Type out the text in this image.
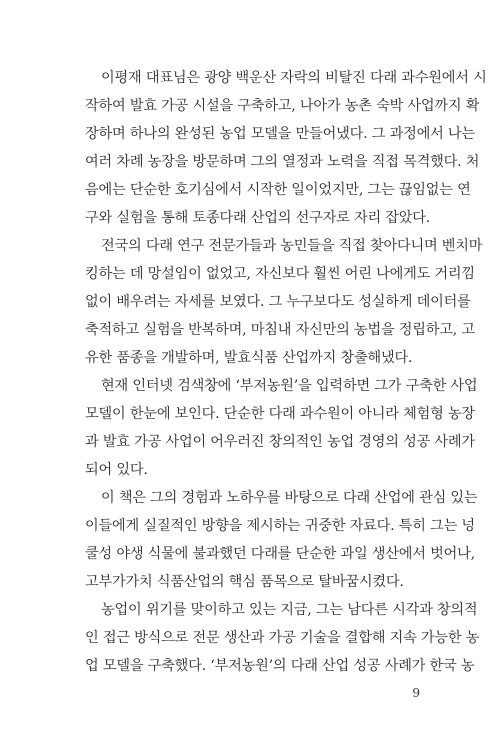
이평재 대표님은 광양 백운산 자락의 비탈진 다래 과수원에서 시
작하여 발효 가공 시설을 구축하고, 나아가 농촌 숙박 사업까지 확
장하며 하나의 완성된 농업 모델을 만들어냈다. 그 과정에서 나는
여러 차례 농장을 방문하며 그의 열정과 노력을 직접 목격했다. 처
음에는 단순한 호기심에서 시작한 일이었지만, 그는 끊임없는 연
구와 실험을 통해 토종다래 산업의 선구자로 자리 잡았다.
전국의 다래 연구 전문가들과 농민들을 직접 찾아다니며 벤치마
킹하는 데 망설임이 없었고, 자신보다 훨씬 어린 나에게도 거리낌
없이 배우려는 자세를 보였다. 그 누구보다도 성실하게 데이터를
축적하고 실험을 반복하며, 마침내 자신만의 농법을 정립하고, 고
유한 품종을 개발하며, 발효식품 산업까지 창출해냈다.
현재 인터넷 검색창에 ‘부저농원’을 입력하면 그가 구축한 사업
모델이 한눈에 보인다. 단순한 다래 과수원이 아니라 체험형 농장
과 발효 가공 사업이 어우러진 창의적인 농업 경영의 성공 사례가
되어 있다.
이 책은 그의 경험과 노하우를 바탕으로 다래 산업에 관심 있는
이들에게 실질적인 방향을 제시하는 귀중한 자료다. 특히 그는 넝
쿨성 야생 식물에 불과했던 다래를 단순한 과일 생산에서 벗어나,
고부가가치 식품산업의 핵심 품목으로 탈바꿈시켰다.
농업이 위기를 맞이하고 있는 지금, 그는 남다른 시각과 창의적
인 접근 방식으로 전문 생산과 가공 기술을 결합해 지속 가능한 농
업 모델을 구축했다. ‘부저농원’의 다래 산업 성공 사례가 한국 농
9
